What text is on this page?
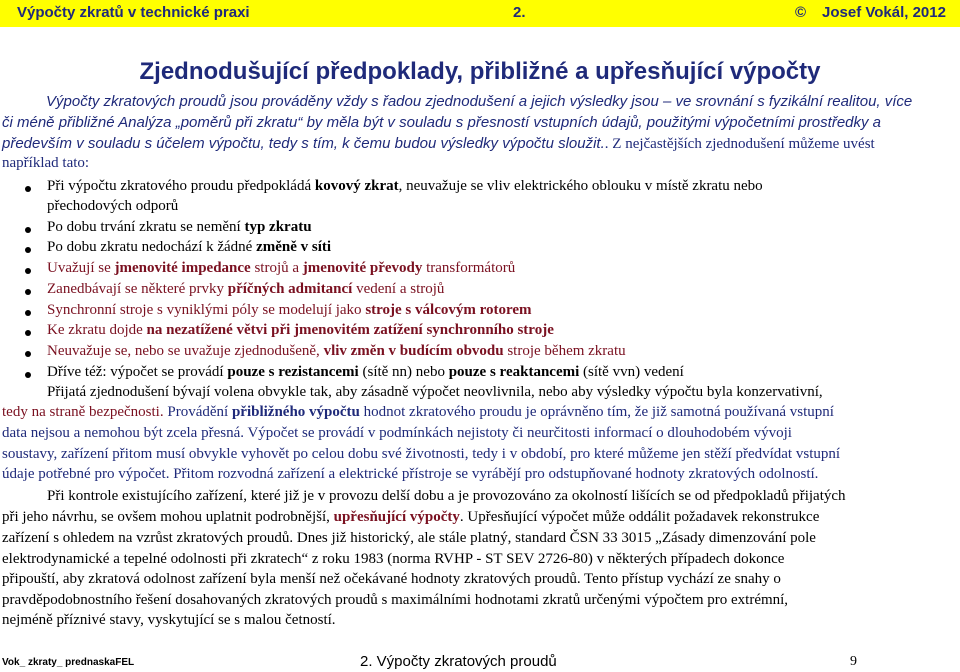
Výpočty zkratů v technické praxi	2.	© Josef Vokál, 2012
Zjednodušující předpoklady, přibližné a upřesňující výpočty
Výpočty zkratových proudů jsou prováděny vždy s řadou zjednodušení a jejich výsledky jsou – ve srovnání s fyzikální realitou, více
či méně přibližné Analýza „poměrů při zkratu“ by měla být v souladu s přesností vstupních údajů, použitými výpočetními prostředky a
především v souladu s účelem výpočtu, tedy s tím, k čemu budou výsledky výpočtu sloužit.. Z nejčastějších zjednodušení můžeme uvést
například tato:
Při výpočtu zkratového proudu předpokládá kovový zkrat, neuvažuje se vliv elektrického oblouku v místě zkratu nebo
přechodových odporů
Po dobu trvání zkratu se nemění typ zkratu
Po dobu zkratu nedochází k žádné změně v síti
Uvažují se jmenovité impedance strojů a jmenovité převody transformátorů
Zanedbávají se některé prvky příčných admitancí vedení a strojů
Synchronní stroje s vyniklými póly se modelují jako stroje s válcovým rotorem
Ke zkratu dojde na nezatížené větvi při jmenovitém zatížení synchronního stroje
Neuvažuje se, nebo se uvažuje zjednodušeně, vliv změn v budícím obvodu stroje během zkratu
Dříve též: výpočet se provádí pouze s rezistancemi (sítě nn) nebo pouze s reaktancemi (sítě vvn) vedení
Přijatá zjednodušení bývají volena obvykle tak, aby zásadně výpočet neovlivnila, nebo aby výsledky výpočtu byla konzervativní,
tedy na straně bezpečnosti. Provádění přibližného výpočtu hodnot zkratového proudu je oprávněno tím, že již samotná používaná vstupní
data nejsou a nemohou být zcela přesná. Výpočet se provádí v podmínkách nejistoty či neurčitosti informací o dlouhodobém vývoji
soustavy, zařízení přitom musí obvykle vyhovět po celou dobu své životnosti, tedy i v období, pro které můžeme jen stěží předvídat vstupní
údaje potřebné pro výpočet. Přitom rozvodná zařízení a elektrické přístroje se vyrábějí pro odstupňované hodnoty zkratových odolností.
Při kontrole existujícího zařízení, které již je v provozu delší dobu a je provozováno za okolností lišících se od předpokladů přijatých
při jeho návrhu, se ovšem mohou uplatnit podrobnější, upřesňující výpočty. Upřesňující výpočet může oddálit požadavek rekonstrukce
zařízení s ohledem na vzrůst zkratových proudů. Dnes již historický, ale stále platný, standard ČSN 33 3015 „Zásady dimenzování pole
elektrodynamické a tepelné odolnosti při zkratech“ z roku 1983 (norma RVHP - ST SEV 2726-80) v některých případech dokonce
připouští, aby zkratová odolnost zařízení byla menší než očekávané hodnoty zkratových proudů. Tento přístup vychází ze snahy o
pravděpodobnostního řešení dosahovaných zkratových proudů s maximálními hodnotami zkratů určenými výpočtem pro extrémní,
nejméně příznivé stavy, vyskytující se s malou četností.
Vok_ zkraty_ prednaskaFEL	2. Výpočty zkratových proudů	9
